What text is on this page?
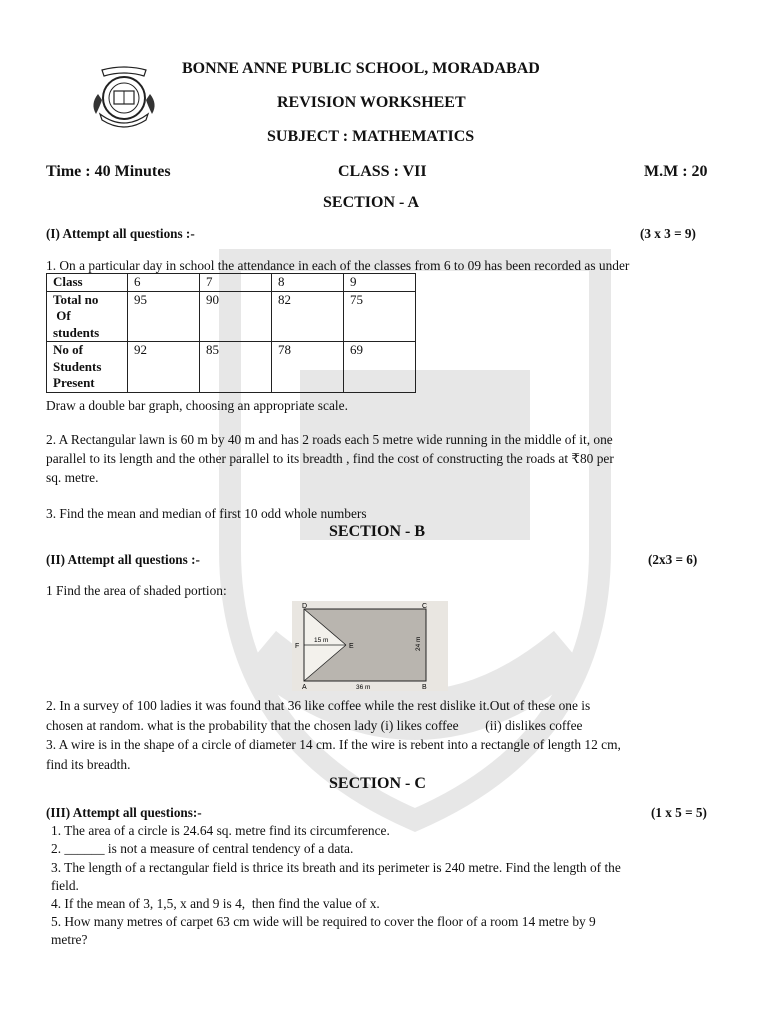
BONNE ANNE PUBLIC SCHOOL, MORADABAD
REVISION WORKSHEET
SUBJECT : MATHEMATICS
Time : 40 Minutes	CLASS : VII	M.M : 20
SECTION - A
(I) Attempt all questions :-	(3 x 3 = 9)
1. On a particular day in school the attendance in each of the classes from 6 to 09 has been recorded as under
Class	6	7	8	9
Total no
Of
students	95	90	82	75
No of
Students
Present	92	85	78	69
Draw a double bar graph, choosing an appropriate scale.
2. A Rectangular lawn is 60 m by 40 m and has 2 roads each 5 metre wide running in the middle of it, one
parallel to its length and the other parallel to its breadth , find the cost of constructing the roads at ₹80 per
sq. metre.
3. Find the mean and median of first 10 odd whole numbers
SECTION - B
(II) Attempt all questions :-	(2x3 = 6)
1 Find the area of shaded portion:
D	C
F	E
A	B
15 m
36 m
24 m
2. In a survey of 100 ladies it was found that 36 like coffee while the rest dislike it.Out of these one is
chosen at random. what is the probability that the chosen lady (i) likes coffee        (ii) dislikes coffee
3. A wire is in the shape of a circle of diameter 14 cm. If the wire is rebent into a rectangle of length 12 cm,
find its breadth.
SECTION - C
(III) Attempt all questions:-	(1 x 5 = 5)
1. The area of a circle is 24.64 sq. metre find its circumference.
2. ______ is not a measure of central tendency of a data.
3. The length of a rectangular field is thrice its breath and its perimeter is 240 metre. Find the length of the
field.
4. If the mean of 3, 1,5, x and 9 is 4,  then find the value of x.
5. How many metres of carpet 63 cm wide will be required to cover the floor of a room 14 metre by 9
metre?
